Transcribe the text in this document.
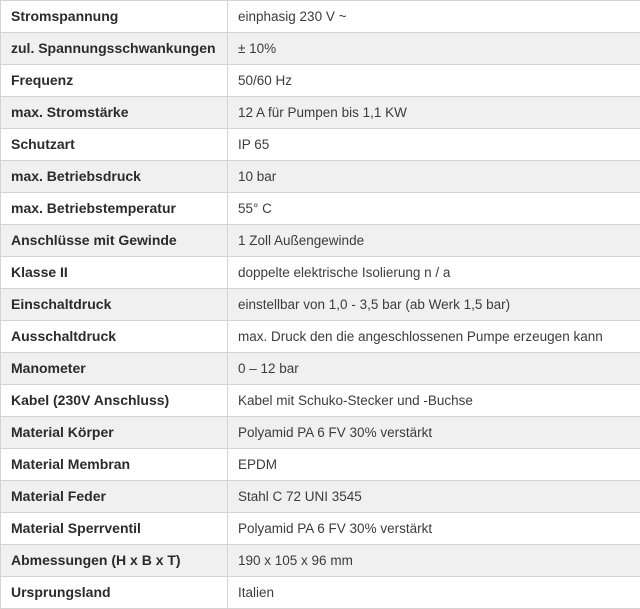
Stromspannung	einphasig 230 V ~
zul. Spannungsschwankungen	± 10%
Frequenz	50/60 Hz
max. Stromstärke	12 A für Pumpen bis 1,1 KW
Schutzart	IP 65
max. Betriebsdruck	10 bar
max. Betriebstemperatur	55° C
Anschlüsse mit Gewinde	1 Zoll Außengewinde
Klasse II	doppelte elektrische Isolierung n / a
Einschaltdruck	einstellbar von 1,0 - 3,5 bar (ab Werk 1,5 bar)
Ausschaltdruck	max. Druck den die angeschlossenen Pumpe erzeugen kann
Manometer	0 – 12 bar
Kabel (230V Anschluss)	Kabel mit Schuko-Stecker und -Buchse
Material Körper	Polyamid PA 6 FV 30% verstärkt
Material Membran	EPDM
Material Feder	Stahl C 72 UNI 3545
Material Sperrventil	Polyamid PA 6 FV 30% verstärkt
Abmessungen (H x B x T)	190 x 105 x 96 mm
Ursprungsland	Italien
